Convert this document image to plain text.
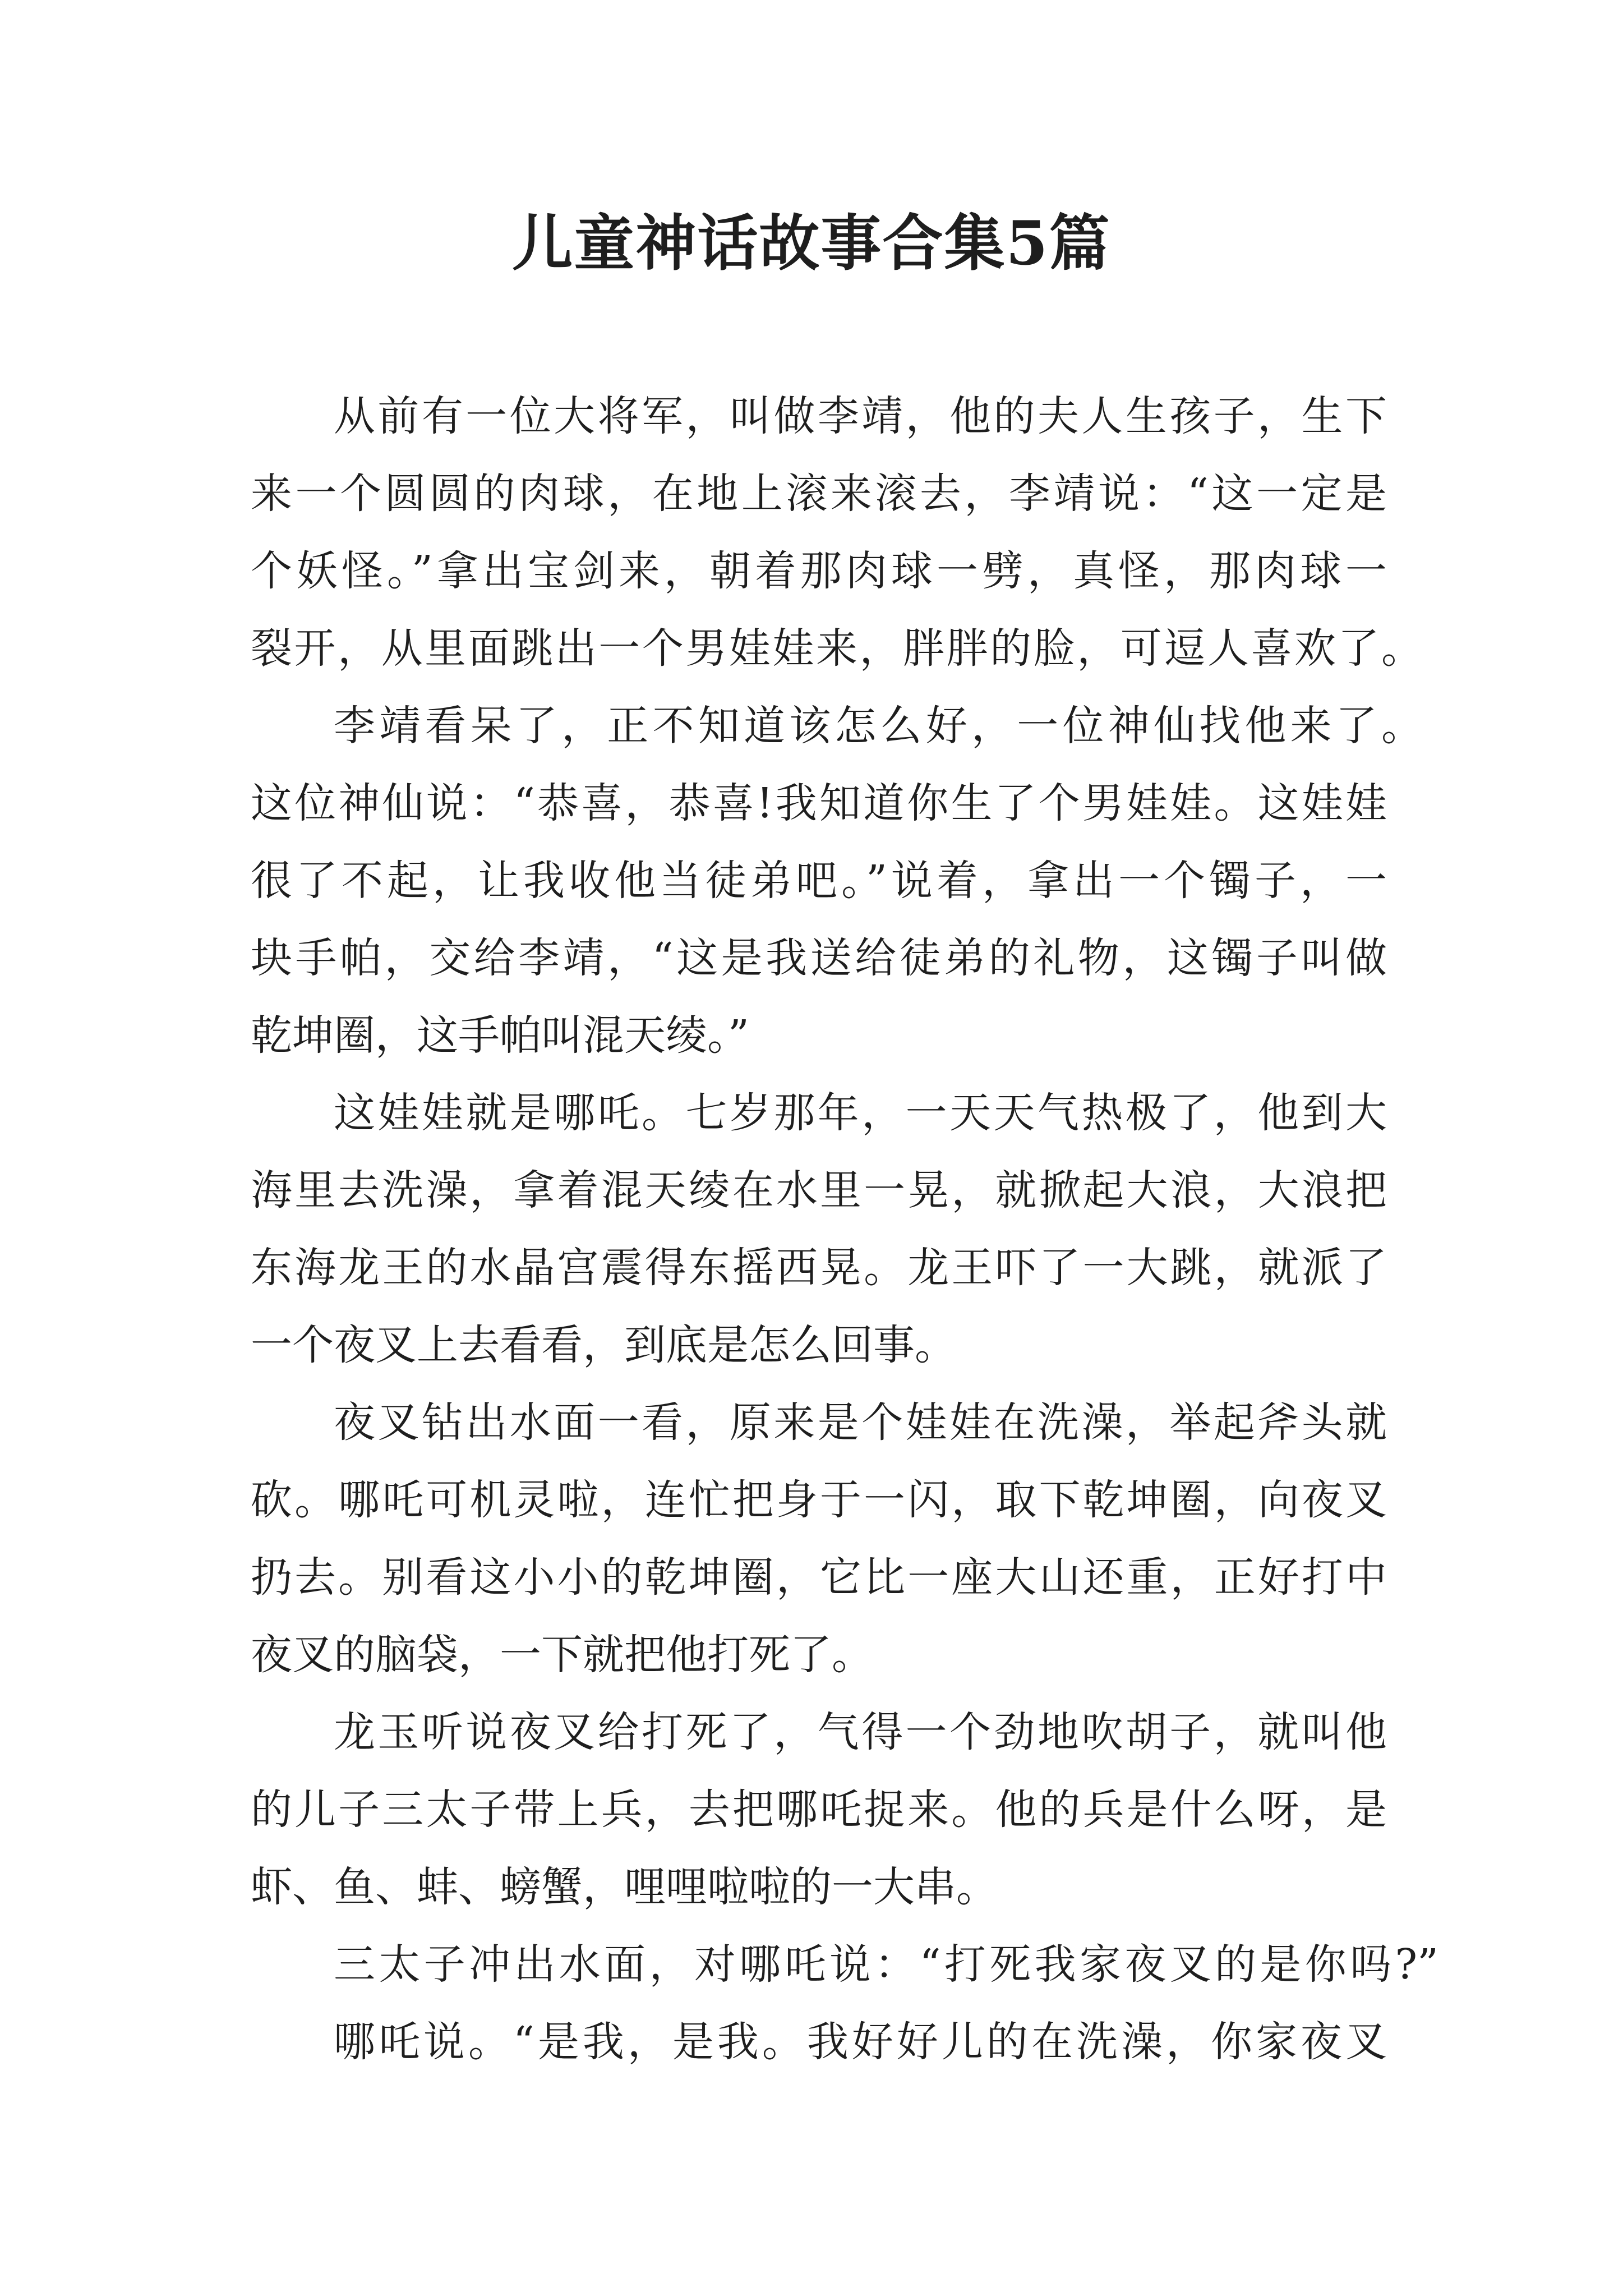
儿童神话故事合集5篇
从前有一位大将军，叫做李靖，他的夫人生孩子，生下
来一个圆圆的肉球，在地上滚来滚去，李靖说：“这一定是
个妖怪。”拿出宝剑来，朝着那肉球一劈，真怪，那肉球一
裂开，从里面跳出一个男娃娃来，胖胖的脸，可逗人喜欢了。
李靖看呆了，正不知道该怎么好，一位神仙找他来了。
这位神仙说：“恭喜，恭喜!我知道你生了个男娃娃。这娃娃
很了不起，让我收他当徒弟吧。”说着，拿出一个镯子，一
块手帕，交给李靖，“这是我送给徒弟的礼物，这镯子叫做
乾坤圈，这手帕叫混天绫。”
这娃娃就是哪吒。七岁那年，一天天气热极了，他到大
海里去洗澡，拿着混天绫在水里一晃，就掀起大浪，大浪把
东海龙王的水晶宫震得东摇西晃。龙王吓了一大跳，就派了
一个夜叉上去看看，到底是怎么回事。
夜叉钻出水面一看，原来是个娃娃在洗澡，举起斧头就
砍。哪吒可机灵啦，连忙把身于一闪，取下乾坤圈，向夜叉
扔去。别看这小小的乾坤圈，它比一座大山还重，正好打中
夜叉的脑袋，一下就把他打死了。
龙玉听说夜叉给打死了，气得一个劲地吹胡子，就叫他
的儿子三太子带上兵，去把哪吒捉来。他的兵是什么呀，是
虾、鱼、蚌、螃蟹，哩哩啦啦的一大串。
三太子冲出水面，对哪吒说：“打死我家夜叉的是你吗?”
哪吒说。“是我，是我。我好好儿的在洗澡，你家夜叉
